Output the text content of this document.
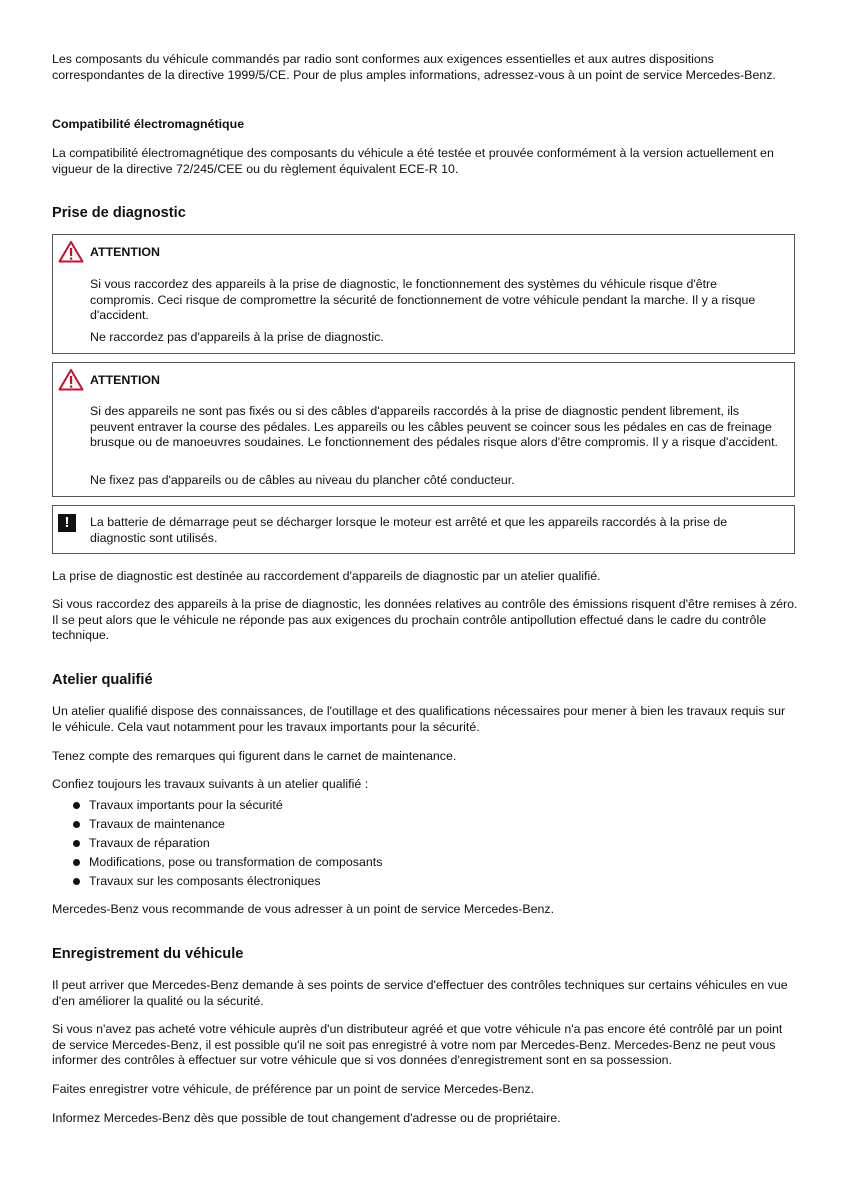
Les composants du véhicule commandés par radio sont conformes aux exigences essentielles et aux autres dispositions correspondantes de la directive 1999/5/CE. Pour de plus amples informations, adressez-vous à un point de service Mercedes-Benz.

Compatibilité électromagnétique

La compatibilité électromagnétique des composants du véhicule a été testée et prouvée conformément à la version actuellement en vigueur de la directive 72/245/CEE ou du règlement équivalent ECE-R 10.

Prise de diagnostic
ATTENTION

Si vous raccordez des appareils à la prise de diagnostic, le fonctionnement des systèmes du véhicule risque d'être compromis. Ceci risque de compromettre la sécurité de fonctionnement de votre véhicule pendant la marche. Il y a risque d'accident.

Ne raccordez pas d'appareils à la prise de diagnostic.

ATTENTION

Si des appareils ne sont pas fixés ou si des câbles d'appareils raccordés à la prise de diagnostic pendent librement, ils peuvent entraver la course des pédales. Les appareils ou les câbles peuvent se coincer sous les pédales en cas de freinage brusque ou de manoeuvres soudaines. Le fonctionnement des pédales risque alors d'être compromis. Il y a risque d'accident.

Ne fixez pas d'appareils ou de câbles au niveau du plancher côté conducteur.

!	La batterie de démarrage peut se décharger lorsque le moteur est arrêté et que les appareils raccordés à la prise de diagnostic sont utilisés.

La prise de diagnostic est destinée au raccordement d'appareils de diagnostic par un atelier qualifié.

Si vous raccordez des appareils à la prise de diagnostic, les données relatives au contrôle des émissions risquent d'être remises à zéro. Il se peut alors que le véhicule ne réponde pas aux exigences du prochain contrôle antipollution effectué dans le cadre du contrôle technique.

Atelier qualifié

Un atelier qualifié dispose des connaissances, de l'outillage et des qualifications nécessaires pour mener à bien les travaux requis sur le véhicule. Cela vaut notamment pour les travaux importants pour la sécurité.

Tenez compte des remarques qui figurent dans le carnet de maintenance.

Confiez toujours les travaux suivants à un atelier qualifié :

Travaux importants pour la sécurité
Travaux de maintenance
Travaux de réparation
Modifications, pose ou transformation de composants
Travaux sur les composants électroniques

Mercedes-Benz vous recommande de vous adresser à un point de service Mercedes-Benz.

Enregistrement du véhicule

Il peut arriver que Mercedes-Benz demande à ses points de service d'effectuer des contrôles techniques sur certains véhicules en vue d'en améliorer la qualité ou la sécurité.

Si vous n'avez pas acheté votre véhicule auprès d'un distributeur agréé et que votre véhicule n'a pas encore été contrôlé par un point de service Mercedes-Benz, il est possible qu'il ne soit pas enregistré à votre nom par Mercedes-Benz. Mercedes-Benz ne peut vous informer des contrôles à effectuer sur votre véhicule que si vos données d'enregistrement sont en sa possession.

Faites enregistrer votre véhicule, de préférence par un point de service Mercedes-Benz.

Informez Mercedes-Benz dès que possible de tout changement d'adresse ou de propriétaire.
